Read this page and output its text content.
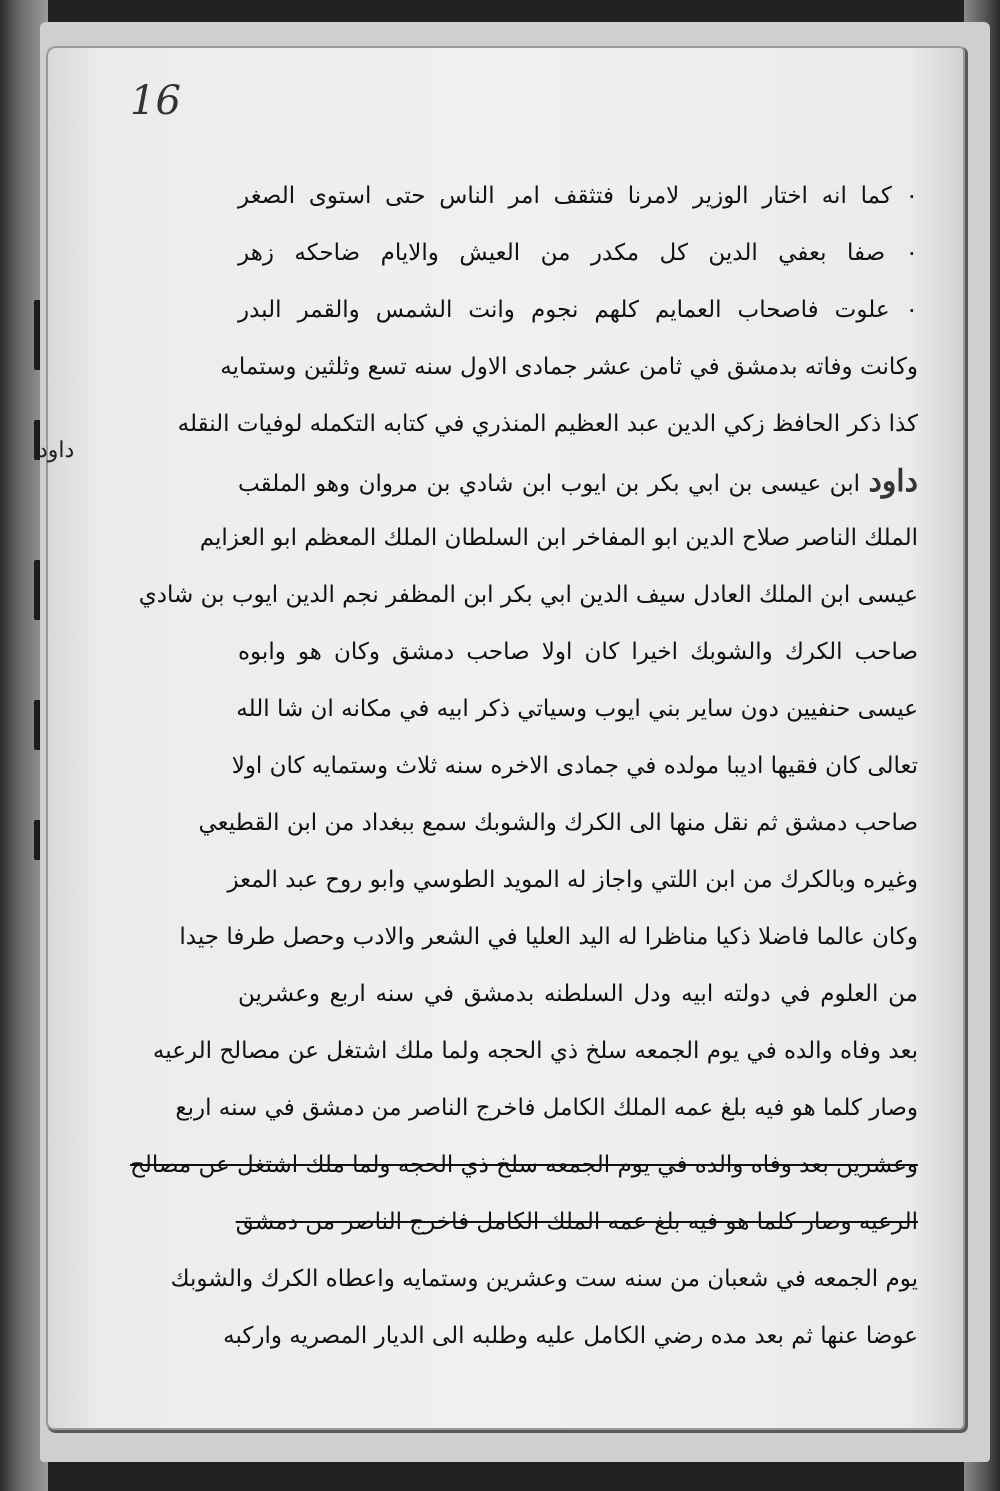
16
داود
٠ كما انه اختار الوزير لامرنا فتثقف امر الناس حتى استوى الصغر
٠ صفا بعفي الدين كل مكدر من العيش والايام ضاحكه زهر
٠ علوت فاصحاب العمايم كلهم نجوم وانت الشمس والقمر البدر
وكانت وفاته بدمشق في ثامن عشر جمادى الاول سنه تسع وثلثين وستمايه
كذا ذكر الحافظ زكي الدين عبد العظيم المنذري في كتابه التكمله لوفيات النقله
داود ابن عيسى بن ابي بكر بن ايوب ابن شادي بن مروان وهو الملقب
الملك الناصر صلاح الدين ابو المفاخر ابن السلطان الملك المعظم ابو العزايم
عيسى ابن الملك العادل سيف الدين ابي بكر ابن المظفر نجم الدين ايوب بن شادي
صاحب الكرك والشوبك اخيرا كان اولا صاحب دمشق وكان هو وابوه
عيسى حنفيين دون ساير بني ايوب وسياتي ذكر ابيه في مكانه ان شا الله
تعالى كان فقيها اديبا مولده في جمادى الاخره سنه ثلاث وستمايه كان اولا
صاحب دمشق ثم نقل منها الى الكرك والشوبك سمع ببغداد من ابن القطيعي
وغيره وبالكرك من ابن اللتي واجاز له المويد الطوسي وابو روح عبد المعز
وكان عالما فاضلا ذكيا مناظرا له اليد العليا في الشعر والادب وحصل طرفا جيدا
من العلوم في دولته ابيه ودل السلطنه بدمشق في سنه اربع وعشرين
بعد وفاه والده في يوم الجمعه سلخ ذي الحجه ولما ملك اشتغل عن مصالح الرعيه
وصار كلما هو فيه بلغ عمه الملك الكامل فاخرج الناصر من دمشق في سنه اربع
وعشرين بعد وفاه والده في يوم الجمعه سلخ ذي الحجه ولما ملك اشتغل عن مصالح
الرعيه وصار كلما هو فيه بلغ عمه الملك الكامل فاخرج الناصر من دمشق
يوم الجمعه في شعبان من سنه ست وعشرين وستمايه واعطاه الكرك والشوبك
عوضا عنها ثم بعد مده رضي الكامل عليه وطلبه الى الديار المصريه واركبه
